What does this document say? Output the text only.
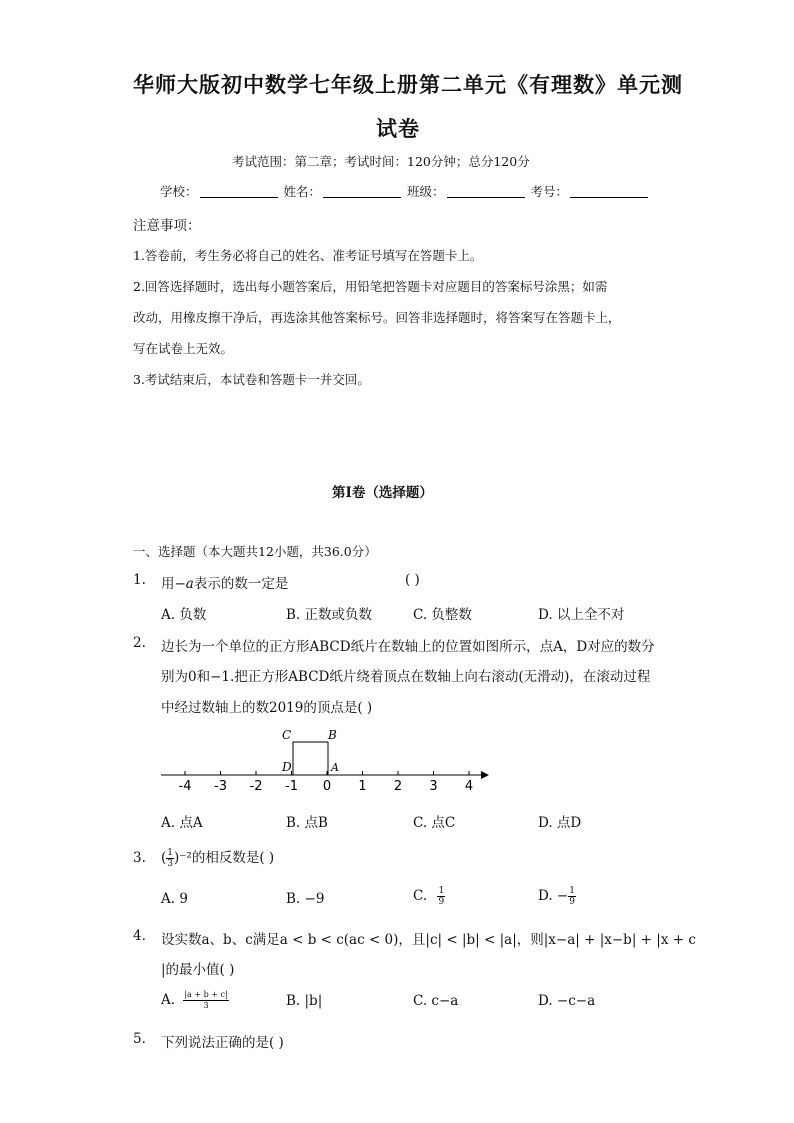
华师大版初中数学七年级上册第二单元《有理数》单元测
试卷
考试范围：第二章；考试时间：120分钟；总分120分
学校：	姓名：	班级：	考号：
注意事项：
1.答卷前，考生务必将自己的姓名、准考证号填写在答题卡上。
2.回答选择题时，选出每小题答案后，用铅笔把答题卡对应题目的答案标号涂黑；如需
改动，用橡皮擦干净后，再选涂其他答案标号。回答非选择题时，将答案写在答题卡上，
写在试卷上无效。
3.考试结束后，本试卷和答题卡一并交回。
第I卷（选择题）
一、选择题（本大题共12小题，共36.0分）
1. 用−a表示的数一定是	( )
A. 负数	B. 正数或负数	C. 负整数	D. 以上全不对
2. 边长为一个单位的正方形ABCD纸片在数轴上的位置如图所示，点A，D对应的数分
别为0和−1.把正方形ABCD纸片绕着顶点在数轴上向右滚动(无滑动)，在滚动过程
中经过数轴上的数2019的顶点是( )
-4 -3 -2 -1 0 1 2 3 4
C	B
D	A
A. 点A	B. 点B	C. 点C	D. 点D
3. ( $\frac{1}{3} )^{-2}$的相反数是( )
A. 9	B. −9	C. $\frac{1}{9}$	D. − $\frac{1}{9}$
4. 设实数a、b、c满足a < b < c(ac < 0)，且|c| < |b| < |a|，则|x−a| + |x−b| + |x + c
|的最小值( )
A. $\frac{|a + b + c|}{3}$	B. |b|	C. c−a	D. −c−a
5. 下列说法正确的是( )
